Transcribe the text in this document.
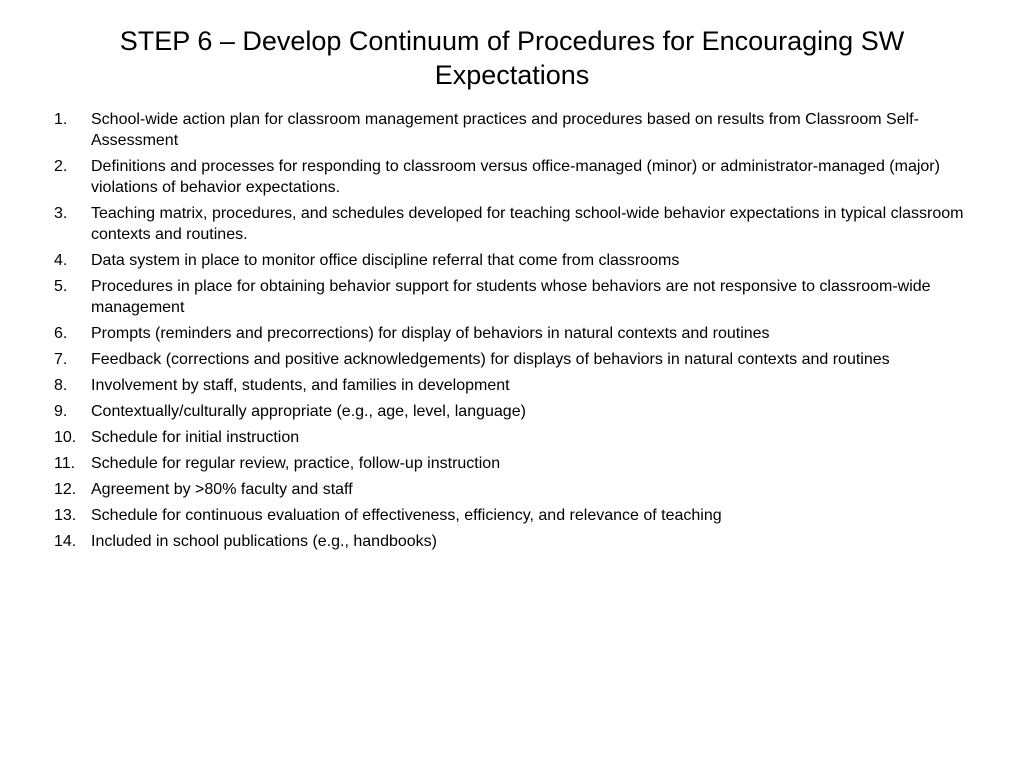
STEP 6 – Develop Continuum of Procedures for Encouraging SW Expectations
1.	School-wide action plan for classroom management practices and procedures based on results from Classroom Self-Assessment
2.	Definitions and processes for responding to classroom versus office-managed (minor) or administrator-managed (major) violations of behavior expectations.
3.	Teaching matrix, procedures, and schedules developed for teaching school-wide behavior expectations in typical classroom contexts and routines.
4.	Data system in place to monitor office discipline referral that come from classrooms
5.	Procedures in place for obtaining behavior support for students whose behaviors are not responsive to classroom-wide management
6.	Prompts (reminders and precorrections) for display of behaviors in natural contexts and routines
7.	Feedback (corrections and positive acknowledgements) for displays of behaviors in natural contexts and routines
8.	Involvement by staff, students, and families in development
9.	Contextually/culturally appropriate (e.g., age, level, language)
10. Schedule for initial instruction
11. Schedule for regular review, practice, follow-up instruction
12. Agreement by >80% faculty and staff
13. Schedule for continuous evaluation of effectiveness, efficiency, and relevance of teaching
14. Included in school publications (e.g., handbooks)
